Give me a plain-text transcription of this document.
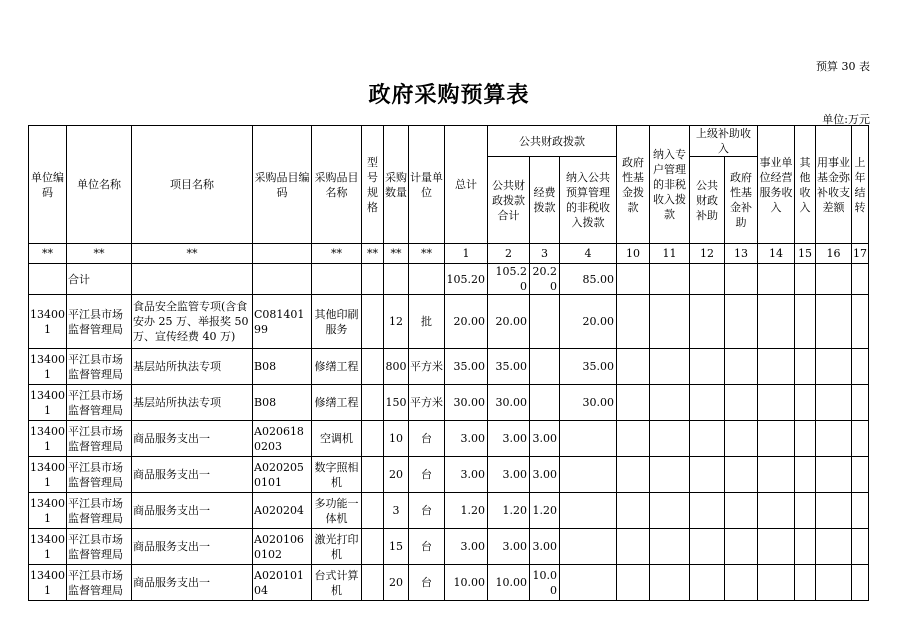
预算 30 表
政府采购预算表
单位:万元
单位编码	单位名称	项目名称	采购品目编码	采购品目名称	型号规格	采购数量	计量单位	总计	公共财政拨款			政府性基金拨款	纳入专户管理的非税收入拨款	上级补助收入		事业单位经营服务收入	其他收入	用事业基金弥补收支差额	上年结转
									公共财政拨款合计	经费拨款	纳入公共预算管理的非税收入拨款			公共财政补助	政府性基金补助				
**	**	**		**	**	**	**	1	2	3	4	10	11	12	13	14	15	16	17
	合计							105.20	105.20	20.20	85.00								
134001	平江县市场监督管理局	食品安全监管专项(含食安办 25 万、举报奖 50 万、宣传经费 40 万)	C08140199	其他印刷服务		12	批	20.00	20.00		20.00								
134001	平江县市场监督管理局	基层站所执法专项	B08	修缮工程		800	平方米	35.00	35.00		35.00								
134001	平江县市场监督管理局	基层站所执法专项	B08	修缮工程		150	平方米	30.00	30.00		30.00								
134001	平江县市场监督管理局	商品服务支出一	A0206180203	空调机		10	台	3.00	3.00	3.00									
134001	平江县市场监督管理局	商品服务支出一	A0202050101	数字照相机		20	台	3.00	3.00	3.00									
134001	平江县市场监督管理局	商品服务支出一	A020204	多功能一体机		3	台	1.20	1.20	1.20									
134001	平江县市场监督管理局	商品服务支出一	A0201060102	激光打印机		15	台	3.00	3.00	3.00									
134001	平江县市场监督管理局	商品服务支出一	A02010104	台式计算机		20	台	10.00	10.00	10.00									
